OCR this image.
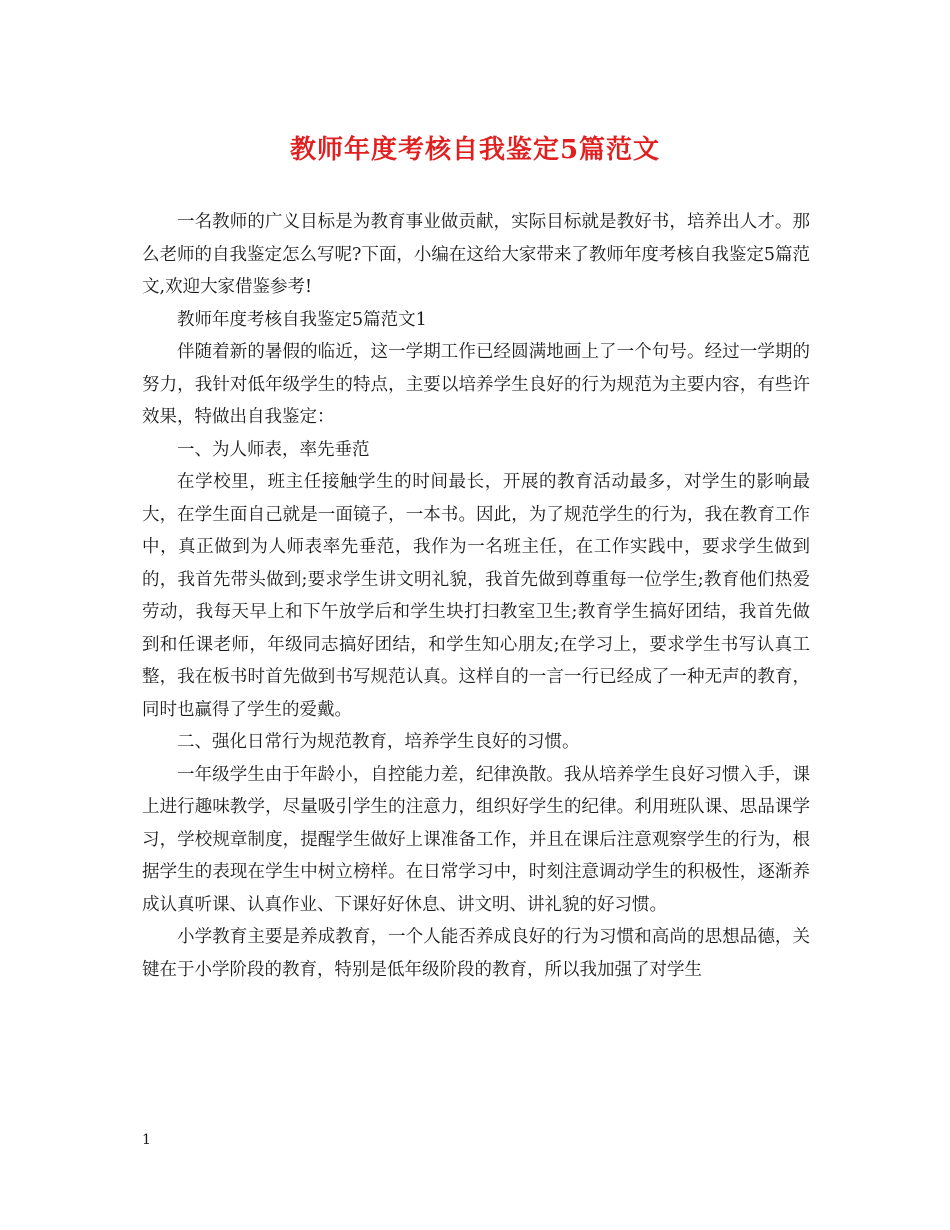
教师年度考核自我鉴定5篇范文

一名教师的广义目标是为教育事业做贡献，实际目标就是教好书，培养出人才。那么老师的自我鉴定怎么写呢?下面，小编在这给大家带来了教师年度考核自我鉴定5篇范文,欢迎大家借鉴参考!

教师年度考核自我鉴定5篇范文1

伴随着新的暑假的临近，这一学期工作已经圆满地画上了一个句号。经过一学期的努力，我针对低年级学生的特点，主要以培养学生良好的行为规范为主要内容，有些许效果，特做出自我鉴定：

一、为人师表，率先垂范

在学校里，班主任接触学生的时间最长，开展的教育活动最多，对学生的影响最大，在学生面自己就是一面镜子，一本书。因此，为了规范学生的行为，我在教育工作中，真正做到为人师表率先垂范，我作为一名班主任，在工作实践中，要求学生做到的，我首先带头做到;要求学生讲文明礼貌，我首先做到尊重每一位学生;教育他们热爱劳动，我每天早上和下午放学后和学生块打扫教室卫生;教育学生搞好团结，我首先做到和任课老师，年级同志搞好团结，和学生知心朋友;在学习上，要求学生书写认真工整，我在板书时首先做到书写规范认真。这样自的一言一行已经成了一种无声的教育，同时也赢得了学生的爱戴。

二、强化日常行为规范教育，培养学生良好的习惯。

一年级学生由于年龄小，自控能力差，纪律涣散。我从培养学生良好习惯入手，课上进行趣味教学，尽量吸引学生的注意力，组织好学生的纪律。利用班队课、思品课学习，学校规章制度，提醒学生做好上课准备工作，并且在课后注意观察学生的行为，根据学生的表现在学生中树立榜样。在日常学习中，时刻注意调动学生的积极性，逐渐养成认真听课、认真作业、下课好好休息、讲文明、讲礼貌的好习惯。

小学教育主要是养成教育，一个人能否养成良好的行为习惯和高尚的思想品德，关键在于小学阶段的教育，特别是低年级阶段的教育，所以我加强了对学生

1
